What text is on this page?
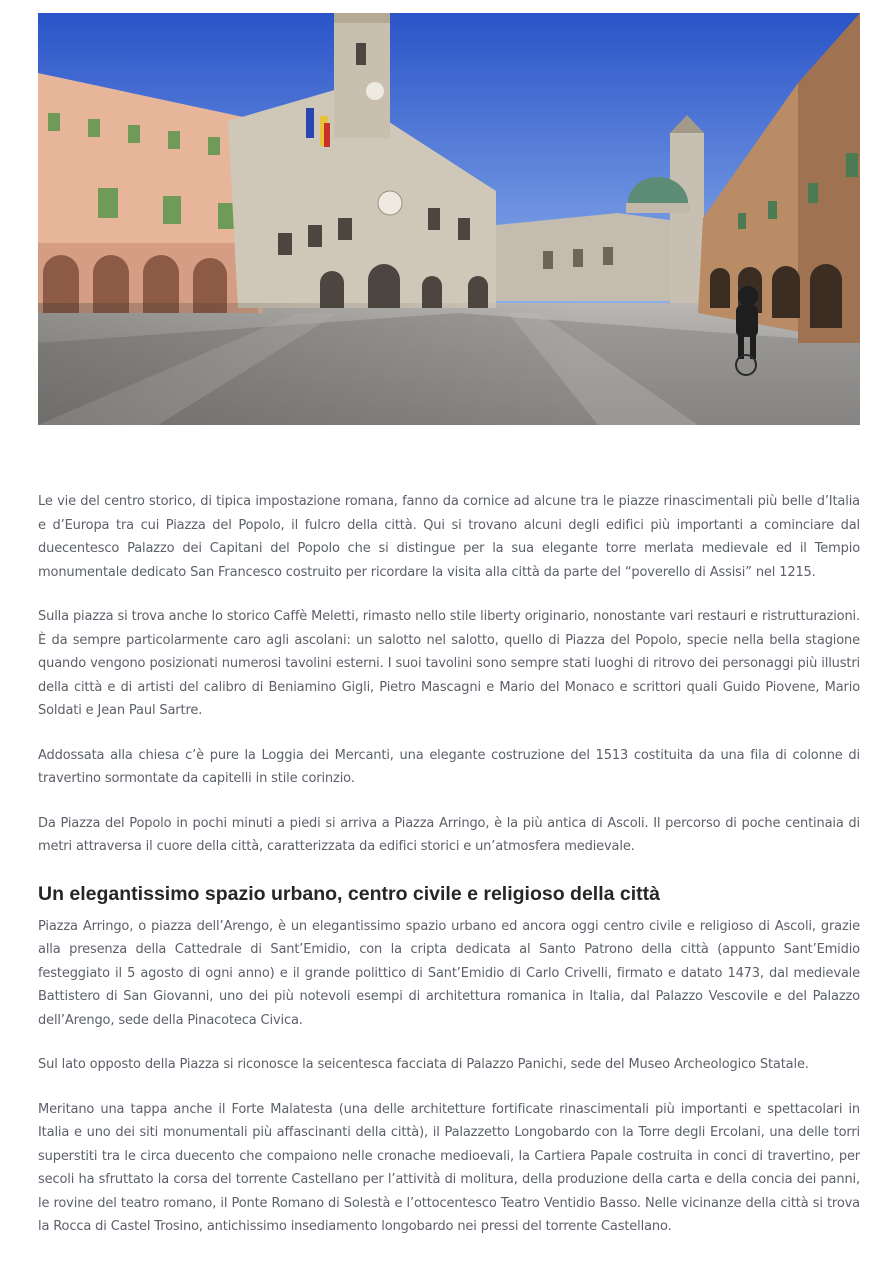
Le vie del centro storico, di tipica impostazione romana, fanno da cornice ad alcune tra le piazze rinascimentali più belle d’Italia e d’Europa tra cui Piazza del Popolo, il fulcro della città. Qui si trovano alcuni degli edifici più importanti a cominciare dal duecentesco Palazzo dei Capitani del Popolo che si distingue per la sua elegante torre merlata medievale ed il Tempio monumentale dedicato San Francesco costruito per ricordare la visita alla città da parte del “poverello di Assisi” nel 1215.

Sulla piazza si trova anche lo storico Caffè Meletti, rimasto nello stile liberty originario, nonostante vari restauri e ristrutturazioni. È da sempre particolarmente caro agli ascolani: un salotto nel salotto, quello di Piazza del Popolo, specie nella bella stagione quando vengono posizionati numerosi tavolini esterni. I suoi tavolini sono sempre stati luoghi di ritrovo dei personaggi più illustri della città e di artisti del calibro di Beniamino Gigli, Pietro Mascagni e Mario del Monaco e scrittori quali Guido Piovene, Mario Soldati e Jean Paul Sartre.

Addossata alla chiesa c’è pure la Loggia dei Mercanti, una elegante costruzione del 1513 costituita da una fila di colonne di travertino sormontate da capitelli in stile corinzio.

Da Piazza del Popolo in pochi minuti a piedi si arriva a Piazza Arringo, è la più antica di Ascoli. Il percorso di poche centinaia di metri attraversa il cuore della città, caratterizzata da edifici storici e un’atmosfera medievale.

Un elegantissimo spazio urbano, centro civile e religioso della città

Piazza Arringo, o piazza dell’Arengo, è un elegantissimo spazio urbano ed ancora oggi centro civile e religioso di Ascoli, grazie alla presenza della Cattedrale di Sant’Emidio, con la cripta dedicata al Santo Patrono della città (appunto Sant’Emidio festeggiato il 5 agosto di ogni anno) e il grande polittico di Sant’Emidio di Carlo Crivelli, firmato e datato 1473, dal medievale Battistero di San Giovanni, uno dei più notevoli esempi di architettura romanica in Italia, dal Palazzo Vescovile e del Palazzo dell’Arengo, sede della Pinacoteca Civica.

Sul lato opposto della Piazza si riconosce la seicentesca facciata di Palazzo Panichi, sede del Museo Archeologico Statale.

Meritano una tappa anche il Forte Malatesta (una delle architetture fortificate rinascimentali più importanti e spettacolari in Italia e uno dei siti monumentali più affascinanti della città), il Palazzetto Longobardo con la Torre degli Ercolani, una delle torri superstiti tra le circa duecento che compaiono nelle cronache medioevali, la Cartiera Papale costruita in conci di travertino, per secoli ha sfruttato la corsa del torrente Castellano per l’attività di molitura, della produzione della carta e della concia dei panni, le rovine del teatro romano, il Ponte Romano di Solestà e l’ottocentesco Teatro Ventidio Basso. Nelle vicinanze della città si trova la Rocca di Castel Trosino, antichissimo insediamento longobardo nei pressi del torrente Castellano.
